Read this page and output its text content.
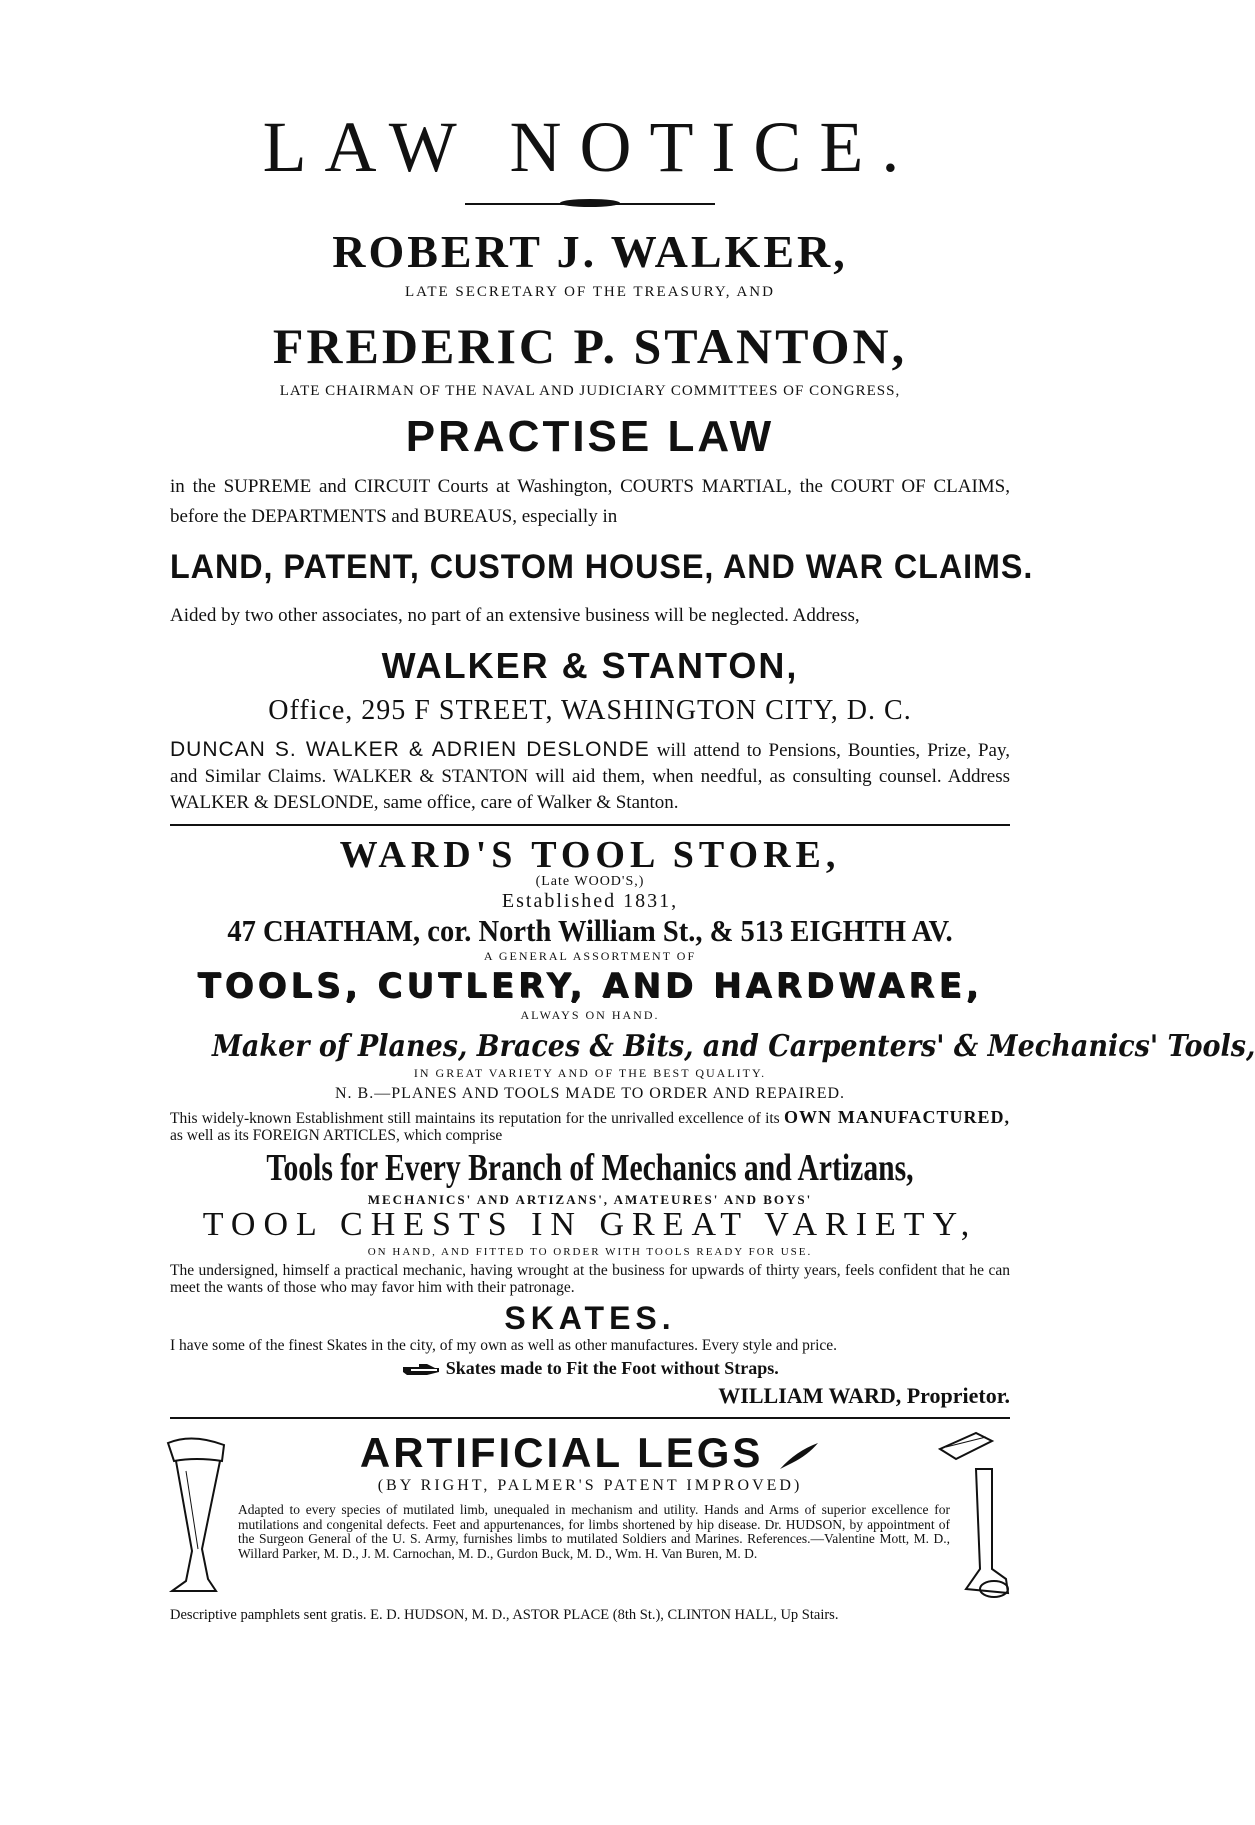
LAW NOTICE.
ROBERT J. WALKER,
LATE SECRETARY OF THE TREASURY, AND
FREDERIC P. STANTON,
LATE CHAIRMAN OF THE NAVAL AND JUDICIARY COMMITTEES OF CONGRESS,
PRACTISE LAW
in the SUPREME and CIRCUIT Courts at Washington, COURTS MARTIAL, the COURT OF CLAIMS, before the DEPARTMENTS and BUREAUS, especially in
LAND, PATENT, CUSTOM HOUSE, AND WAR CLAIMS.
Aided by two other associates, no part of an extensive business will be neglected. Address,
WALKER & STANTON,
Office, 295 F STREET, WASHINGTON CITY, D. C.
DUNCAN S. WALKER & ADRIEN DESLONDE will attend to Pensions, Bounties, Prize, Pay, and Similar Claims. WALKER & STANTON will aid them, when needful, as consulting counsel. Address WALKER & DESLONDE, same office, care of Walker & Stanton.
WARD'S TOOL STORE,
(Late WOOD'S,)
Established 1831,
47 CHATHAM, cor. North William St., & 513 EIGHTH AV.
A GENERAL ASSORTMENT OF
TOOLS, CUTLERY, AND HARDWARE,
ALWAYS ON HAND.
Maker of Planes, Braces & Bits, and Carpenters' & Mechanics' Tools,
IN GREAT VARIETY AND OF THE BEST QUALITY.
N. B.—PLANES AND TOOLS MADE TO ORDER AND REPAIRED.
This widely-known Establishment still maintains its reputation for the unrivalled excellence of its OWN MANUFACTURED, as well as its FOREIGN ARTICLES, which comprise
Tools for Every Branch of Mechanics and Artizans,
MECHANICS' AND ARTIZANS', AMATEURES' AND BOYS'
TOOL CHESTS IN GREAT VARIETY,
ON HAND, AND FITTED TO ORDER WITH TOOLS READY FOR USE.
The undersigned, himself a practical mechanic, having wrought at the business for upwards of thirty years, feels confident that he can meet the wants of those who may favor him with their patronage.
SKATES.
I have some of the finest Skates in the city, of my own as well as other manufactures. Every style and price.
Skates made to Fit the Foot without Straps.
WILLIAM WARD, Proprietor.
ARTIFICIAL LEGS
(BY RIGHT, PALMER'S PATENT IMPROVED)
Adapted to every species of mutilated limb, unequaled in mechanism and utility. Hands and Arms of superior excellence for mutilations and congenital defects. Feet and appurtenances, for limbs shortened by hip disease. Dr. HUDSON, by appointment of the Surgeon General of the U. S. Army, furnishes limbs to mutilated Soldiers and Marines. References.—Valentine Mott, M. D., Willard Parker, M. D., J. M. Carnochan, M. D., Gurdon Buck, M. D., Wm. H. Van Buren, M. D.
Descriptive pamphlets sent gratis. E. D. HUDSON, M. D., ASTOR PLACE (8th St.), CLINTON HALL, Up Stairs.
